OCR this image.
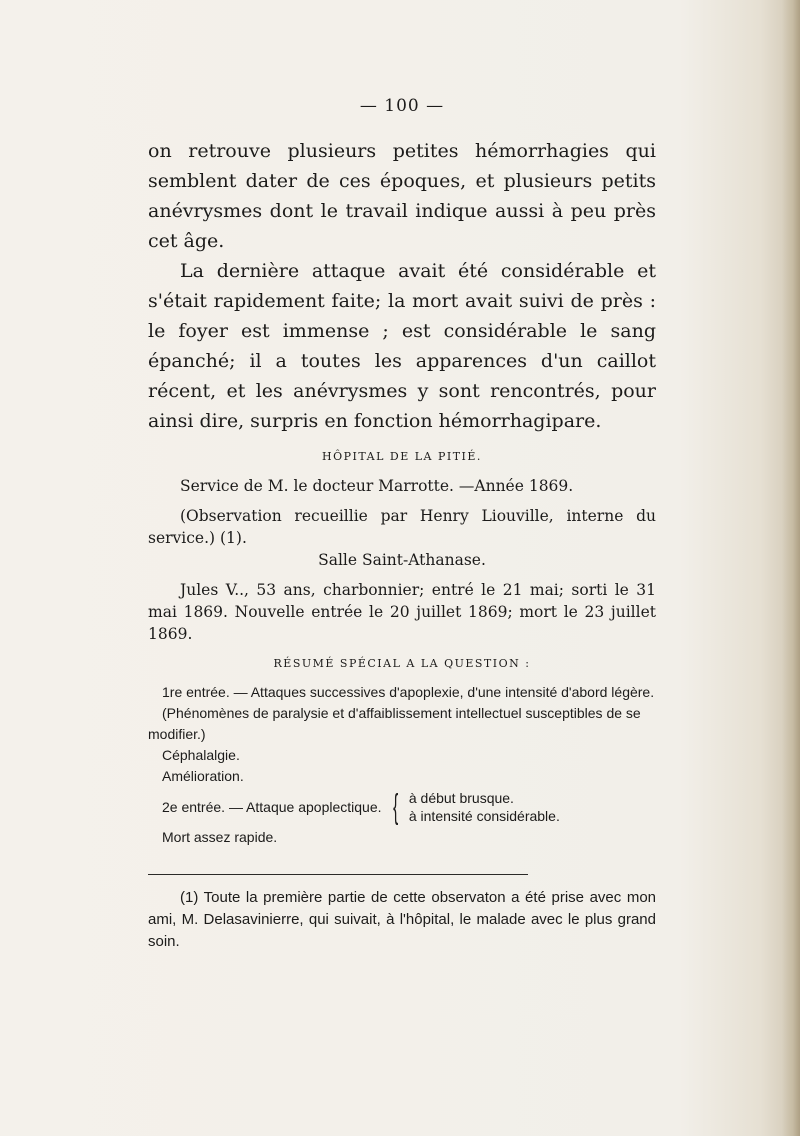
— 100 —

on retrouve plusieurs petites hémorrhagies qui semblent dater de ces époques, et plusieurs petits anévrysmes dont le travail indique aussi à peu près cet âge.

La dernière attaque avait été considérable et s'était rapidement faite; la mort avait suivi de près : le foyer est immense ; est considérable le sang épanché; il a toutes les apparences d'un caillot récent, et les anévrysmes y sont rencontrés, pour ainsi dire, surpris en fonction hémorrhagipare.

HÔPITAL DE LA PITIÉ.

Service de M. le docteur Marrotte. —Année 1869.

(Observation recueillie par Henry Liouville, interne du service.) (1).

Salle Saint-Athanase.

Jules V.., 53 ans, charbonnier; entré le 21 mai; sorti le 31 mai 1869. Nouvelle entrée le 20 juillet 1869; mort le 23 juillet 1869.

RÉSUMÉ SPÉCIAL A LA QUESTION :

1re entrée. — Attaques successives d'apoplexie, d'une intensité d'abord légère.

(Phénomènes de paralysie et d'affaiblissement intellectuel susceptibles de se modifier.)

Céphalalgie.

Amélioration.

2e entrée. — Attaque apoplectique. { à début brusque.
à intensité considérable.

Mort assez rapide.

(1) Toute la première partie de cette observaton a été prise avec mon ami, M. Delasavinierre, qui suivait, à l'hôpital, le malade avec le plus grand soin.
